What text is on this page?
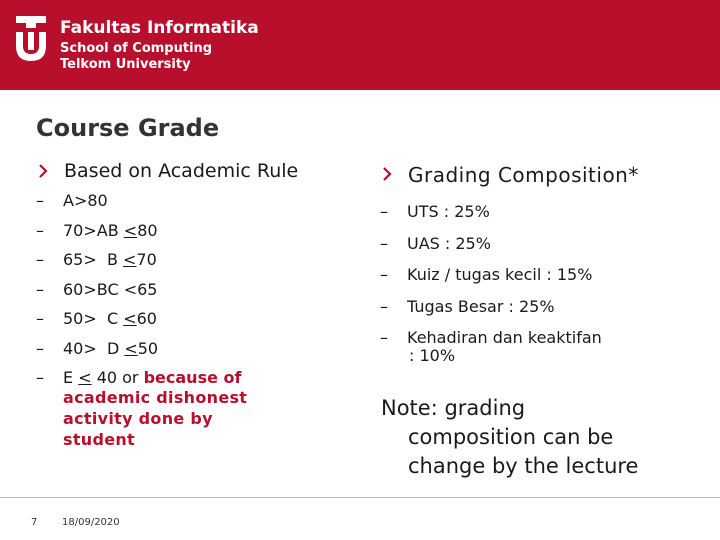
Fakultas Informatika
School of Computing
Telkom University
Course Grade
Based on Academic Rule
–	A>80
–	70>AB <80
–	65>  B <70
–	60>BC <65
–	50>  C <60
–	40>  D <50
–	E < 40 or because of
academic dishonest
activity done by
student
Grading Composition*
–	UTS : 25%
–	UAS : 25%
–	Kuiz / tugas kecil : 15%
–	Tugas Besar : 25%
–	Kehadiran dan keaktifan
: 10%
Note: grading
composition can be
change by the lecture
7 18/09/2020
